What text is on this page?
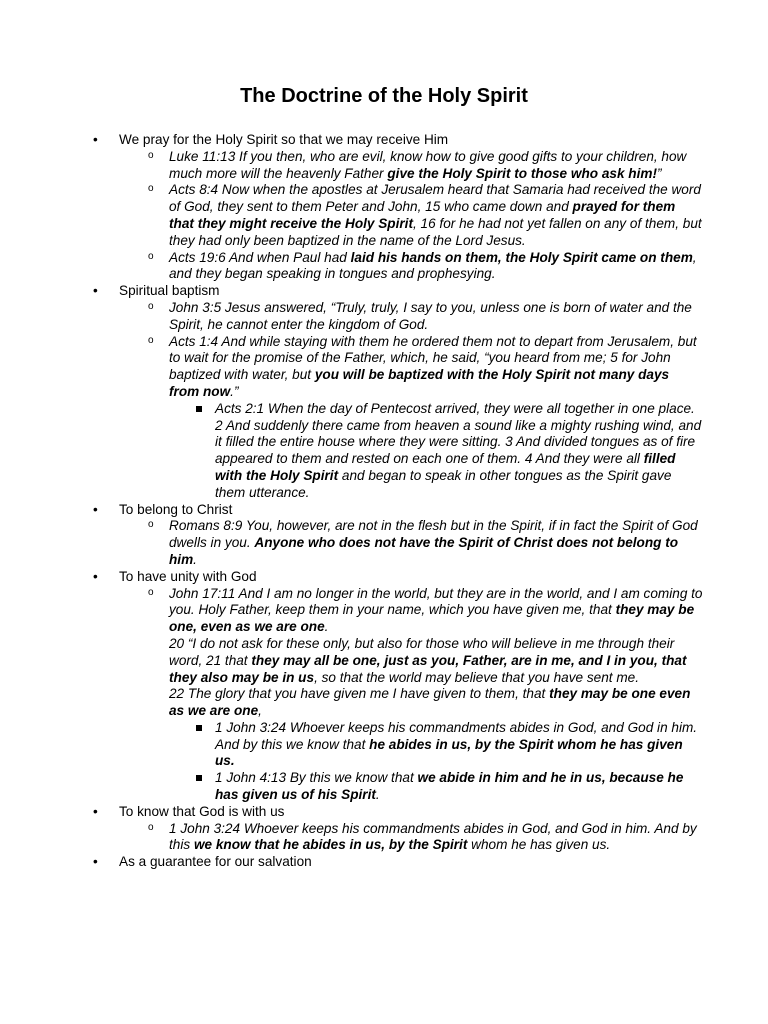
The Doctrine of the Holy Spirit
• We pray for the Holy Spirit so that we may receive Him
o Luke 11:13 If you then, who are evil, know how to give good gifts to your children, how much more will the heavenly Father give the Holy Spirit to those who ask him!”
o Acts 8:4 Now when the apostles at Jerusalem heard that Samaria had received the word of God, they sent to them Peter and John, 15 who came down and prayed for them that they might receive the Holy Spirit, 16 for he had not yet fallen on any of them, but they had only been baptized in the name of the Lord Jesus.
o Acts 19:6 And when Paul had laid his hands on them, the Holy Spirit came on them, and they began speaking in tongues and prophesying.
• Spiritual baptism
o John 3:5 Jesus answered, “Truly, truly, I say to you, unless one is born of water and the Spirit, he cannot enter the kingdom of God.
o Acts 1:4 And while staying with them he ordered them not to depart from Jerusalem, but to wait for the promise of the Father, which, he said, “you heard from me; 5 for John baptized with water, but you will be baptized with the Holy Spirit not many days from now.”
Acts 2:1 When the day of Pentecost arrived, they were all together in one place. 2 And suddenly there came from heaven a sound like a mighty rushing wind, and it filled the entire house where they were sitting. 3 And divided tongues as of fire appeared to them and rested on each one of them. 4 And they were all filled with the Holy Spirit and began to speak in other tongues as the Spirit gave them utterance.
• To belong to Christ
o Romans 8:9 You, however, are not in the flesh but in the Spirit, if in fact the Spirit of God dwells in you. Anyone who does not have the Spirit of Christ does not belong to him.
• To have unity with God
o John 17:11 And I am no longer in the world, but they are in the world, and I am coming to you. Holy Father, keep them in your name, which you have given me, that they may be one, even as we are one.
20 “I do not ask for these only, but also for those who will believe in me through their word, 21 that they may all be one, just as you, Father, are in me, and I in you, that they also may be in us, so that the world may believe that you have sent me.
22 The glory that you have given me I have given to them, that they may be one even as we are one,
1 John 3:24 Whoever keeps his commandments abides in God, and God in him. And by this we know that he abides in us, by the Spirit whom he has given us.
1 John 4:13 By this we know that we abide in him and he in us, because he has given us of his Spirit.
• To know that God is with us
o 1 John 3:24 Whoever keeps his commandments abides in God, and God in him. And by this we know that he abides in us, by the Spirit whom he has given us.
• As a guarantee for our salvation
